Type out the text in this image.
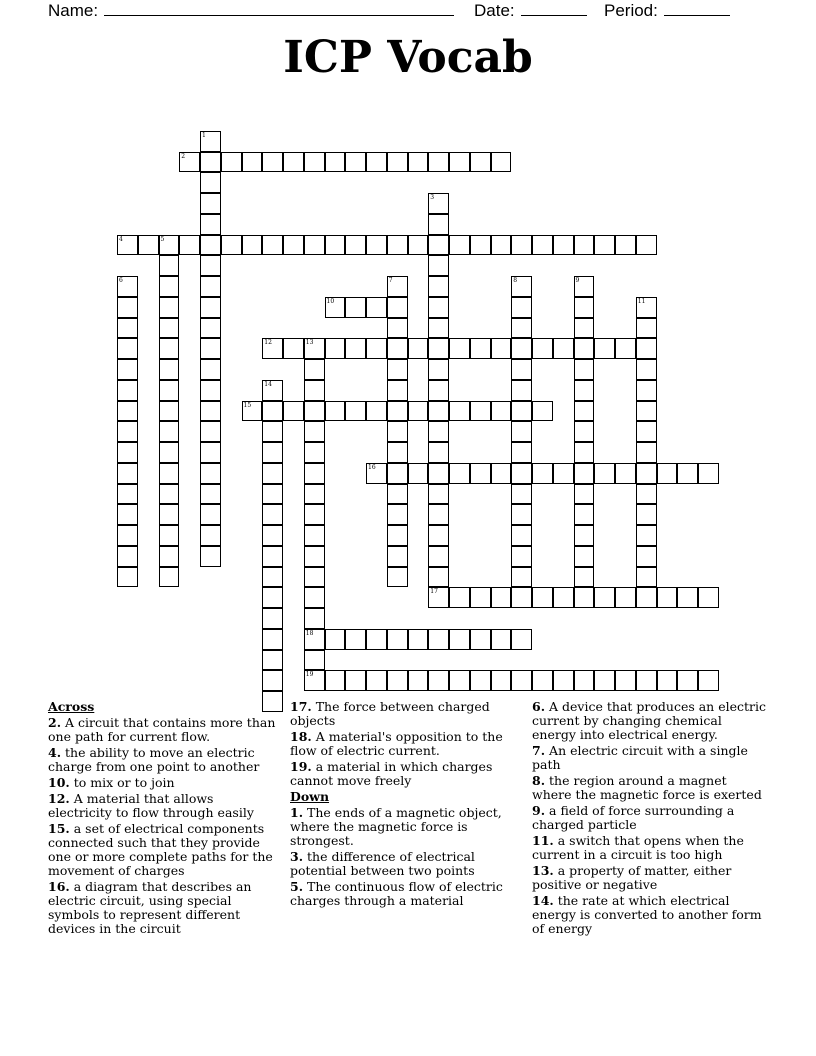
Name:	Date:	Period:
ICP Vocab
1
2
4	5
3
6	7	8	9
10	11
12	13
14
15
16
17
18
19
Across
2. A circuit that contains more than one path for current flow.
4. the ability to move an electric charge from one point to another
10. to mix or to join
12. A material that allows electricity to flow through easily
15. a set of electrical components connected such that they provide one or more complete paths for the movement of charges
16. a diagram that describes an electric circuit, using special symbols to represent different devices in the circuit
17. The force between charged objects
18. A material's opposition to the flow of electric current.
19. a material in which charges cannot move freely
Down
1. The ends of a magnetic object, where the magnetic force is strongest.
3. the difference of electrical potential between two points
5. The continuous flow of electric charges through a material
6. A device that produces an electric current by changing chemical energy into electrical energy.
7. An electric circuit with a single path
8. the region around a magnet where the magnetic force is exerted
9. a field of force surrounding a charged particle
11. a switch that opens when the current in a circuit is too high
13. a property of matter, either positive or negative
14. the rate at which electrical energy is converted to another form of energy
